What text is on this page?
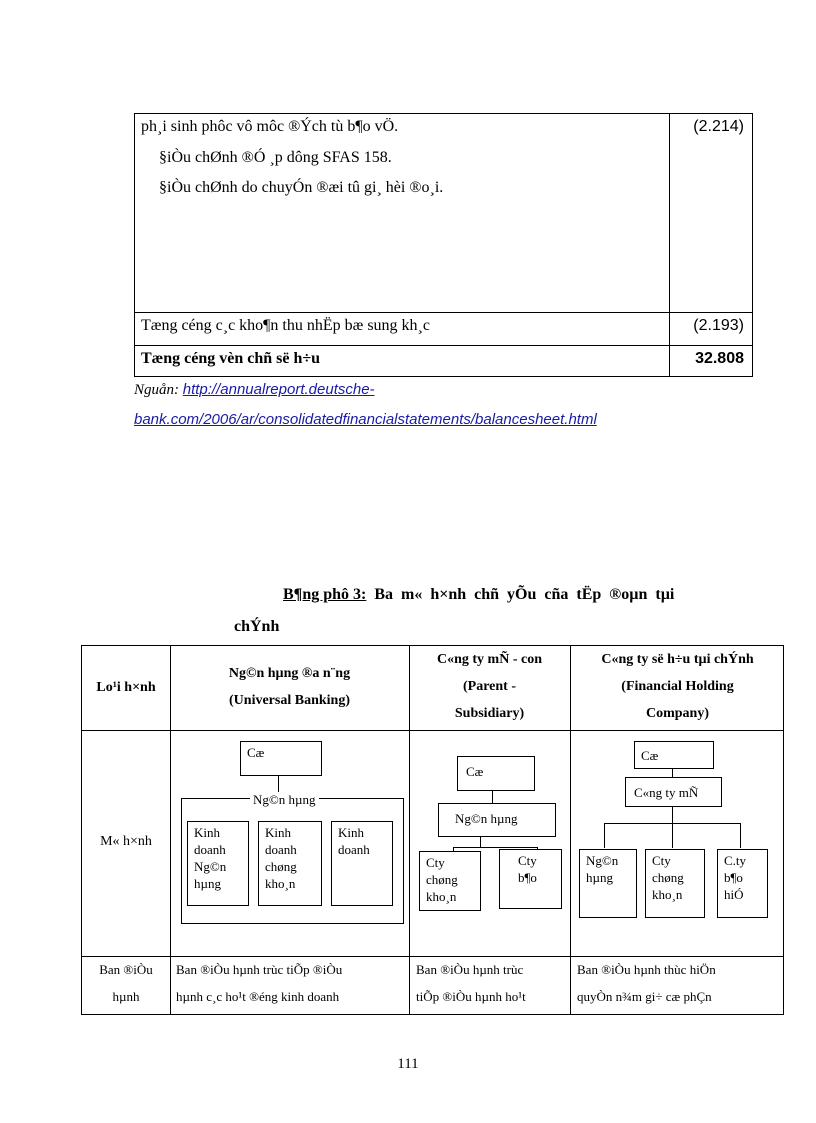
ph¸i sinh phôc vô môc ®Ých tù b¶o vÖ.
§iÒu chØnh ®Ó ¸p dông SFAS 158.
§iÒu chØnh do chuyÓn ®æi tû gi¸ hèi ®o¸i.
(2.214)
Tæng céng c¸c kho¶n thu nhËp bæ sung kh¸c	(2.193)
Tæng céng vèn chñ së h÷u	32.808
Nguån: http://annualreport.deutsche-
bank.com/2006/ar/consolidatedfinancialstatements/balancesheet.html
B¶ng phô 3: Ba m« h×nh chñ yÕu cña tËp ®oµn tµi
chÝnh
Lo¹i h×nh
Ng©n hµng ®a n¨ng
(Universal Banking)
C«ng ty mÑ - con
(Parent -
Subsidiary)
C«ng ty së h÷u tµi chÝnh
(Financial Holding
Company)
M« h×nh
Cæ
Ng©n hµng
Kinh
doanh
Ng©n
hµng
Kinh
doanh
chøng
kho¸n
Kinh
doanh
Cæ
Ng©n hµng
Cty
chøng
kho¸n
Cty
b¶o
Cæ
C«ng ty mÑ
Ng©n
hµng
Cty
chøng
kho¸n
C.ty
b¶o
hiÓ
Ban ®iÒu
hµnh
Ban ®iÒu hµnh trùc tiÕp ®iÒu
hµnh c¸c ho¹t ®éng kinh doanh
Ban ®iÒu hµnh trùc
tiÕp ®iÒu hµnh ho¹t
Ban ®iÒu hµnh thùc hiÖn
quyÒn n¾m gi÷ cæ phÇn
111
